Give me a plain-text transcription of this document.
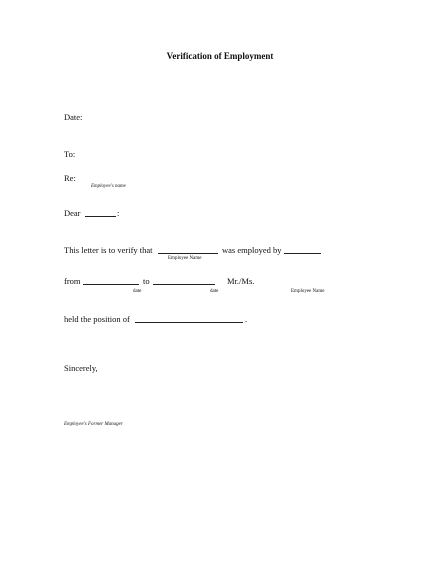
Verification of Employment
Date:
To:
Re:
Employee's name
Dear	:
This letter is to verify that	was employed by
Employee Name
from	to	Mr./Ms.
date	date	Employee Name
held the position of	.
Sincerely,
Employee's Former Manager
